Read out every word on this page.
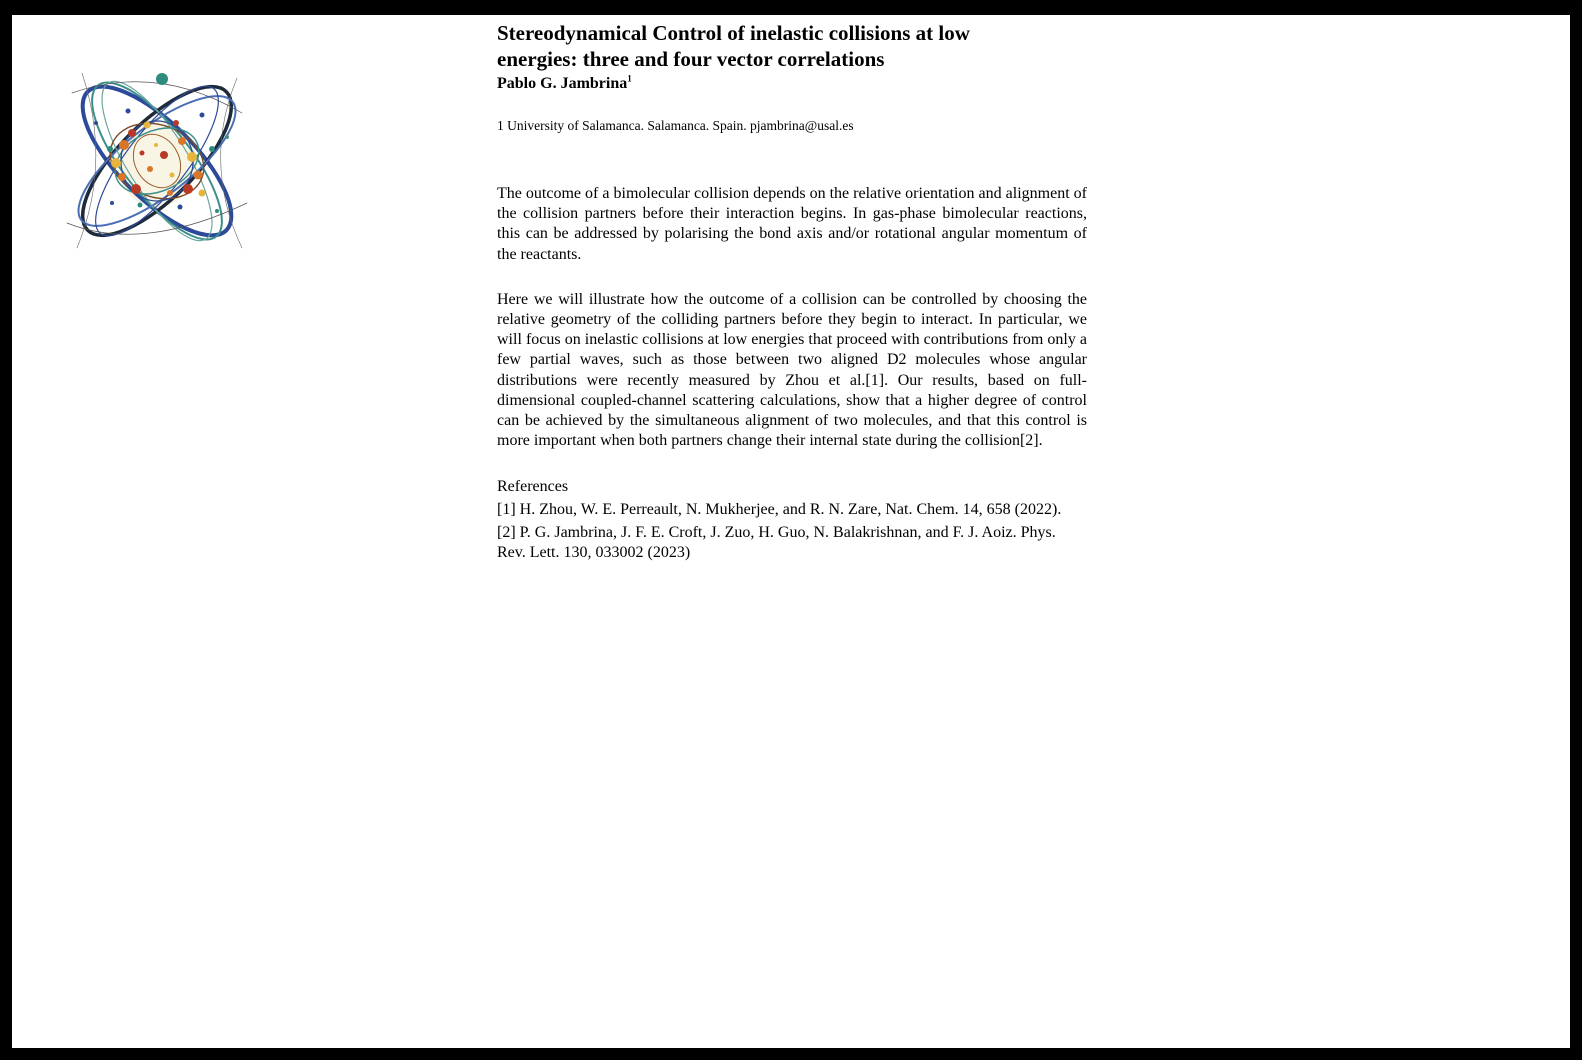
Stereodynamical Control of inelastic collisions at low
energies: three and four vector correlations
Pablo G. Jambrina$^1$
1 University of Salamanca. Salamanca. Spain. pjambrina@usal.es

The outcome of a bimolecular collision depends on the relative orientation and alignment of the collision partners before their interaction begins. In gas-phase bimolecular reactions, this can be addressed by polarising the bond axis and/or rotational angular momentum of the reactants.

Here we will illustrate how the outcome of a collision can be controlled by choosing the relative geometry of the colliding partners before they begin to interact. In particular, we will focus on inelastic collisions at low energies that proceed with contributions from only a few partial waves, such as those between two aligned D2 molecules whose angular distributions were recently measured by Zhou et al.[1]. Our results, based on full-dimensional coupled-channel scattering calculations, show that a higher degree of control can be achieved by the simultaneous alignment of two molecules, and that this control is more important when both partners change their internal state during the collision[2].

References
[1] H. Zhou, W. E. Perreault, N. Mukherjee, and R. N. Zare, Nat. Chem. 14, 658 (2022).
[2] P. G. Jambrina, J. F. E. Croft, J. Zuo, H. Guo, N. Balakrishnan, and F. J. Aoiz. Phys. Rev. Lett. 130, 033002 (2023)
